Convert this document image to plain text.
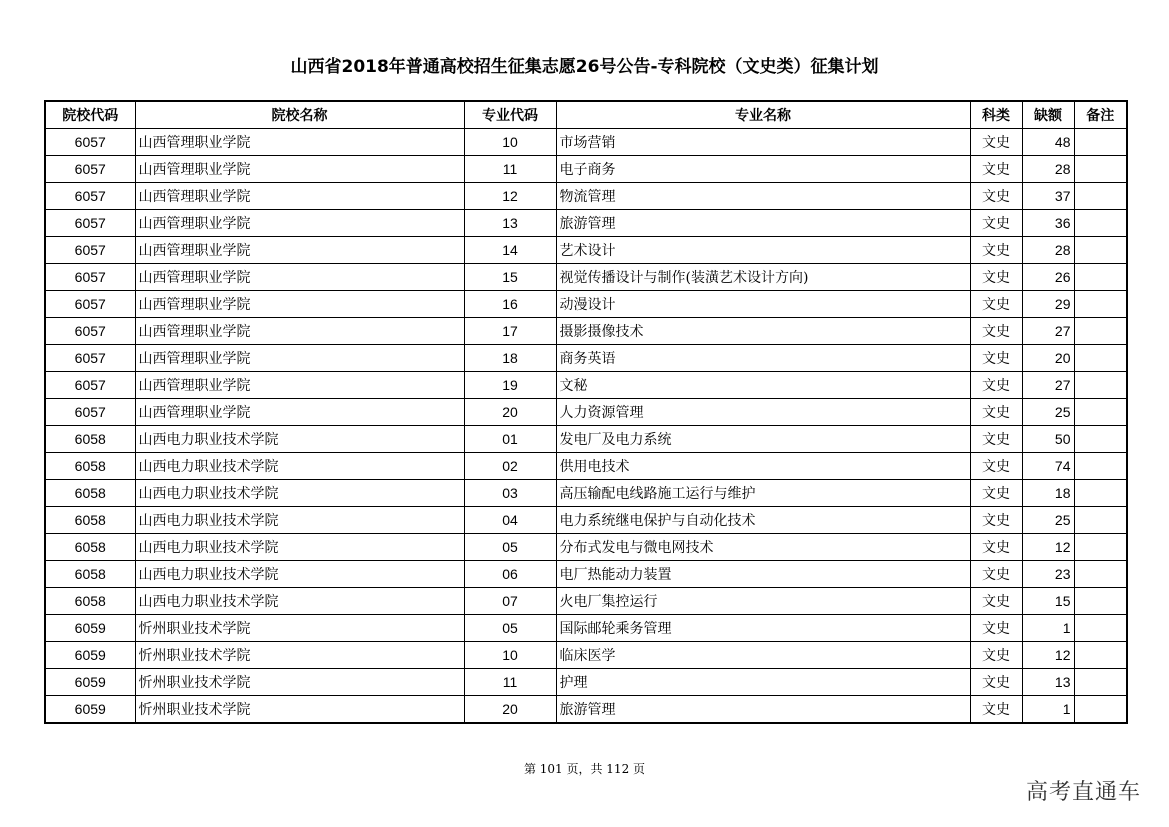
山西省2018年普通高校招生征集志愿26号公告-专科院校（文史类）征集计划
院校代码	院校名称	专业代码	专业名称	科类	缺额	备注
6057	山西管理职业学院	10	市场营销	文史	48	
6057	山西管理职业学院	11	电子商务	文史	28	
6057	山西管理职业学院	12	物流管理	文史	37	
6057	山西管理职业学院	13	旅游管理	文史	36	
6057	山西管理职业学院	14	艺术设计	文史	28	
6057	山西管理职业学院	15	视觉传播设计与制作(装潢艺术设计方向)	文史	26	
6057	山西管理职业学院	16	动漫设计	文史	29	
6057	山西管理职业学院	17	摄影摄像技术	文史	27	
6057	山西管理职业学院	18	商务英语	文史	20	
6057	山西管理职业学院	19	文秘	文史	27	
6057	山西管理职业学院	20	人力资源管理	文史	25	
6058	山西电力职业技术学院	01	发电厂及电力系统	文史	50	
6058	山西电力职业技术学院	02	供用电技术	文史	74	
6058	山西电力职业技术学院	03	高压输配电线路施工运行与维护	文史	18	
6058	山西电力职业技术学院	04	电力系统继电保护与自动化技术	文史	25	
6058	山西电力职业技术学院	05	分布式发电与微电网技术	文史	12	
6058	山西电力职业技术学院	06	电厂热能动力装置	文史	23	
6058	山西电力职业技术学院	07	火电厂集控运行	文史	15	
6059	忻州职业技术学院	05	国际邮轮乘务管理	文史	1	
6059	忻州职业技术学院	10	临床医学	文史	12	
6059	忻州职业技术学院	11	护理	文史	13	
6059	忻州职业技术学院	20	旅游管理	文史	1	
第 101 页，共 112 页
高考直通车
